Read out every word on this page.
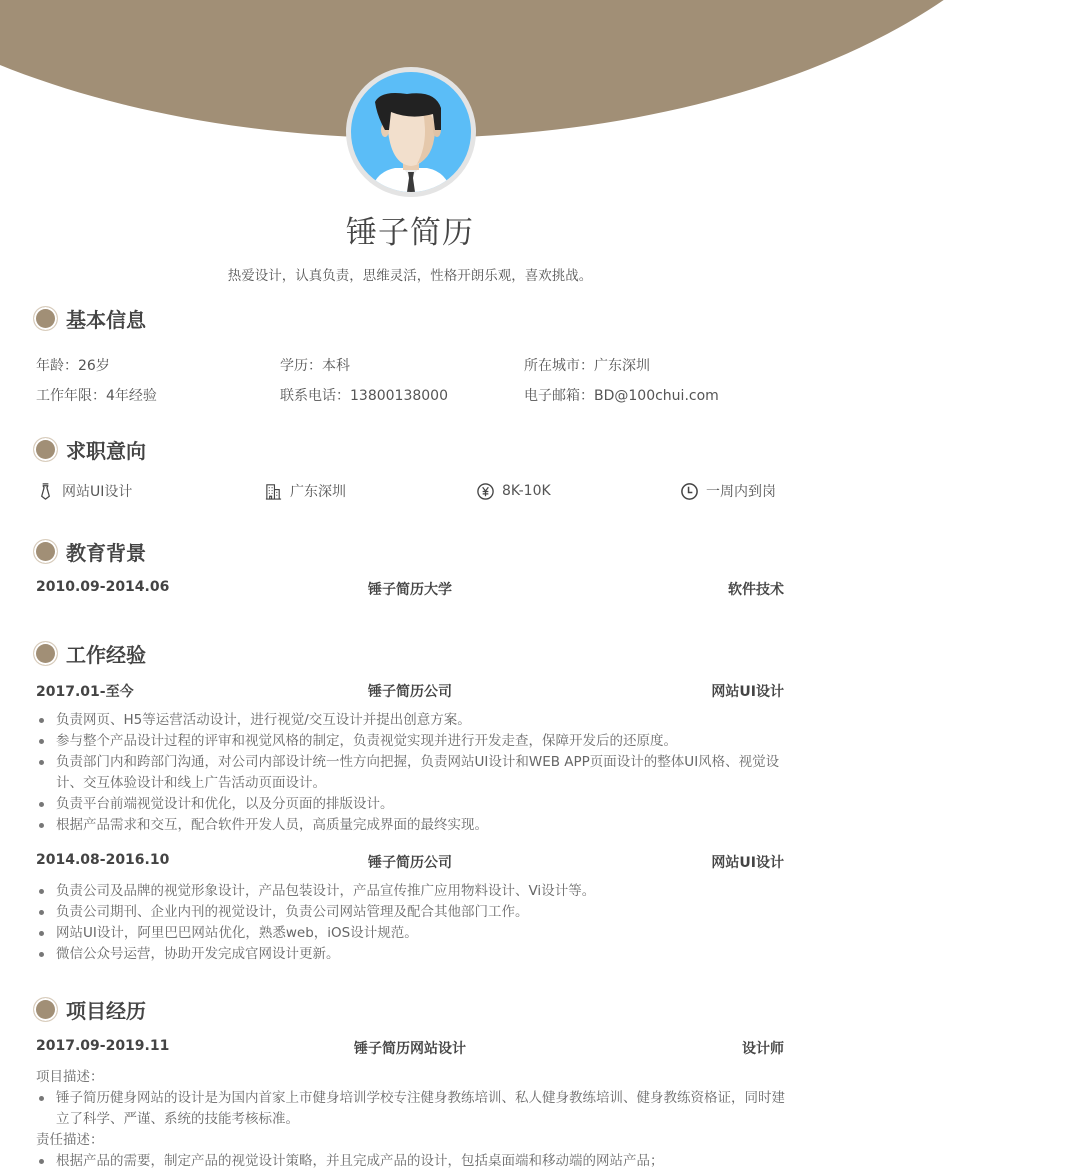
锤子简历
热爱设计，认真负责，思维灵活，性格开朗乐观，喜欢挑战。
基本信息
年龄：26岁	学历：本科	所在城市：广东深圳
工作年限：4年经验	联系电话：13800138000	电子邮箱：BD@100chui.com
求职意向
网站UI设计	广东深圳	8K-10K	一周内到岗
教育背景
2010.09-2014.06	锤子简历大学	软件技术
工作经验
2017.01-至今	锤子简历公司	网站UI设计
负责网页、H5等运营活动设计，进行视觉/交互设计并提出创意方案。
参与整个产品设计过程的评审和视觉风格的制定，负责视觉实现并进行开发走查，保障开发后的还原度。
负责部门内和跨部门沟通，对公司内部设计统一性方向把握，负责网站UI设计和WEB APP页面设计的整体UI风格、视觉设计、交互体验设计和线上广告活动页面设计。
负责平台前端视觉设计和优化，以及分页面的排版设计。
根据产品需求和交互，配合软件开发人员，高质量完成界面的最终实现。
2014.08-2016.10	锤子简历公司	网站UI设计
负责公司及品牌的视觉形象设计，产品包装设计，产品宣传推广应用物料设计、Vi设计等。
负责公司期刊、企业内刊的视觉设计，负责公司网站管理及配合其他部门工作。
网站UI设计，阿里巴巴网站优化，熟悉web，iOS设计规范。
微信公众号运营，协助开发完成官网设计更新。
项目经历
2017.09-2019.11	锤子简历网站设计	设计师
项目描述：
锤子简历健身网站的设计是为国内首家上市健身培训学校专注健身教练培训、私人健身教练培训、健身教练资格证，同时建立了科学、严谨、系统的技能考核标准。
责任描述：
根据产品的需要，制定产品的视觉设计策略，并且完成产品的设计，包括桌面端和移动端的网站产品；
